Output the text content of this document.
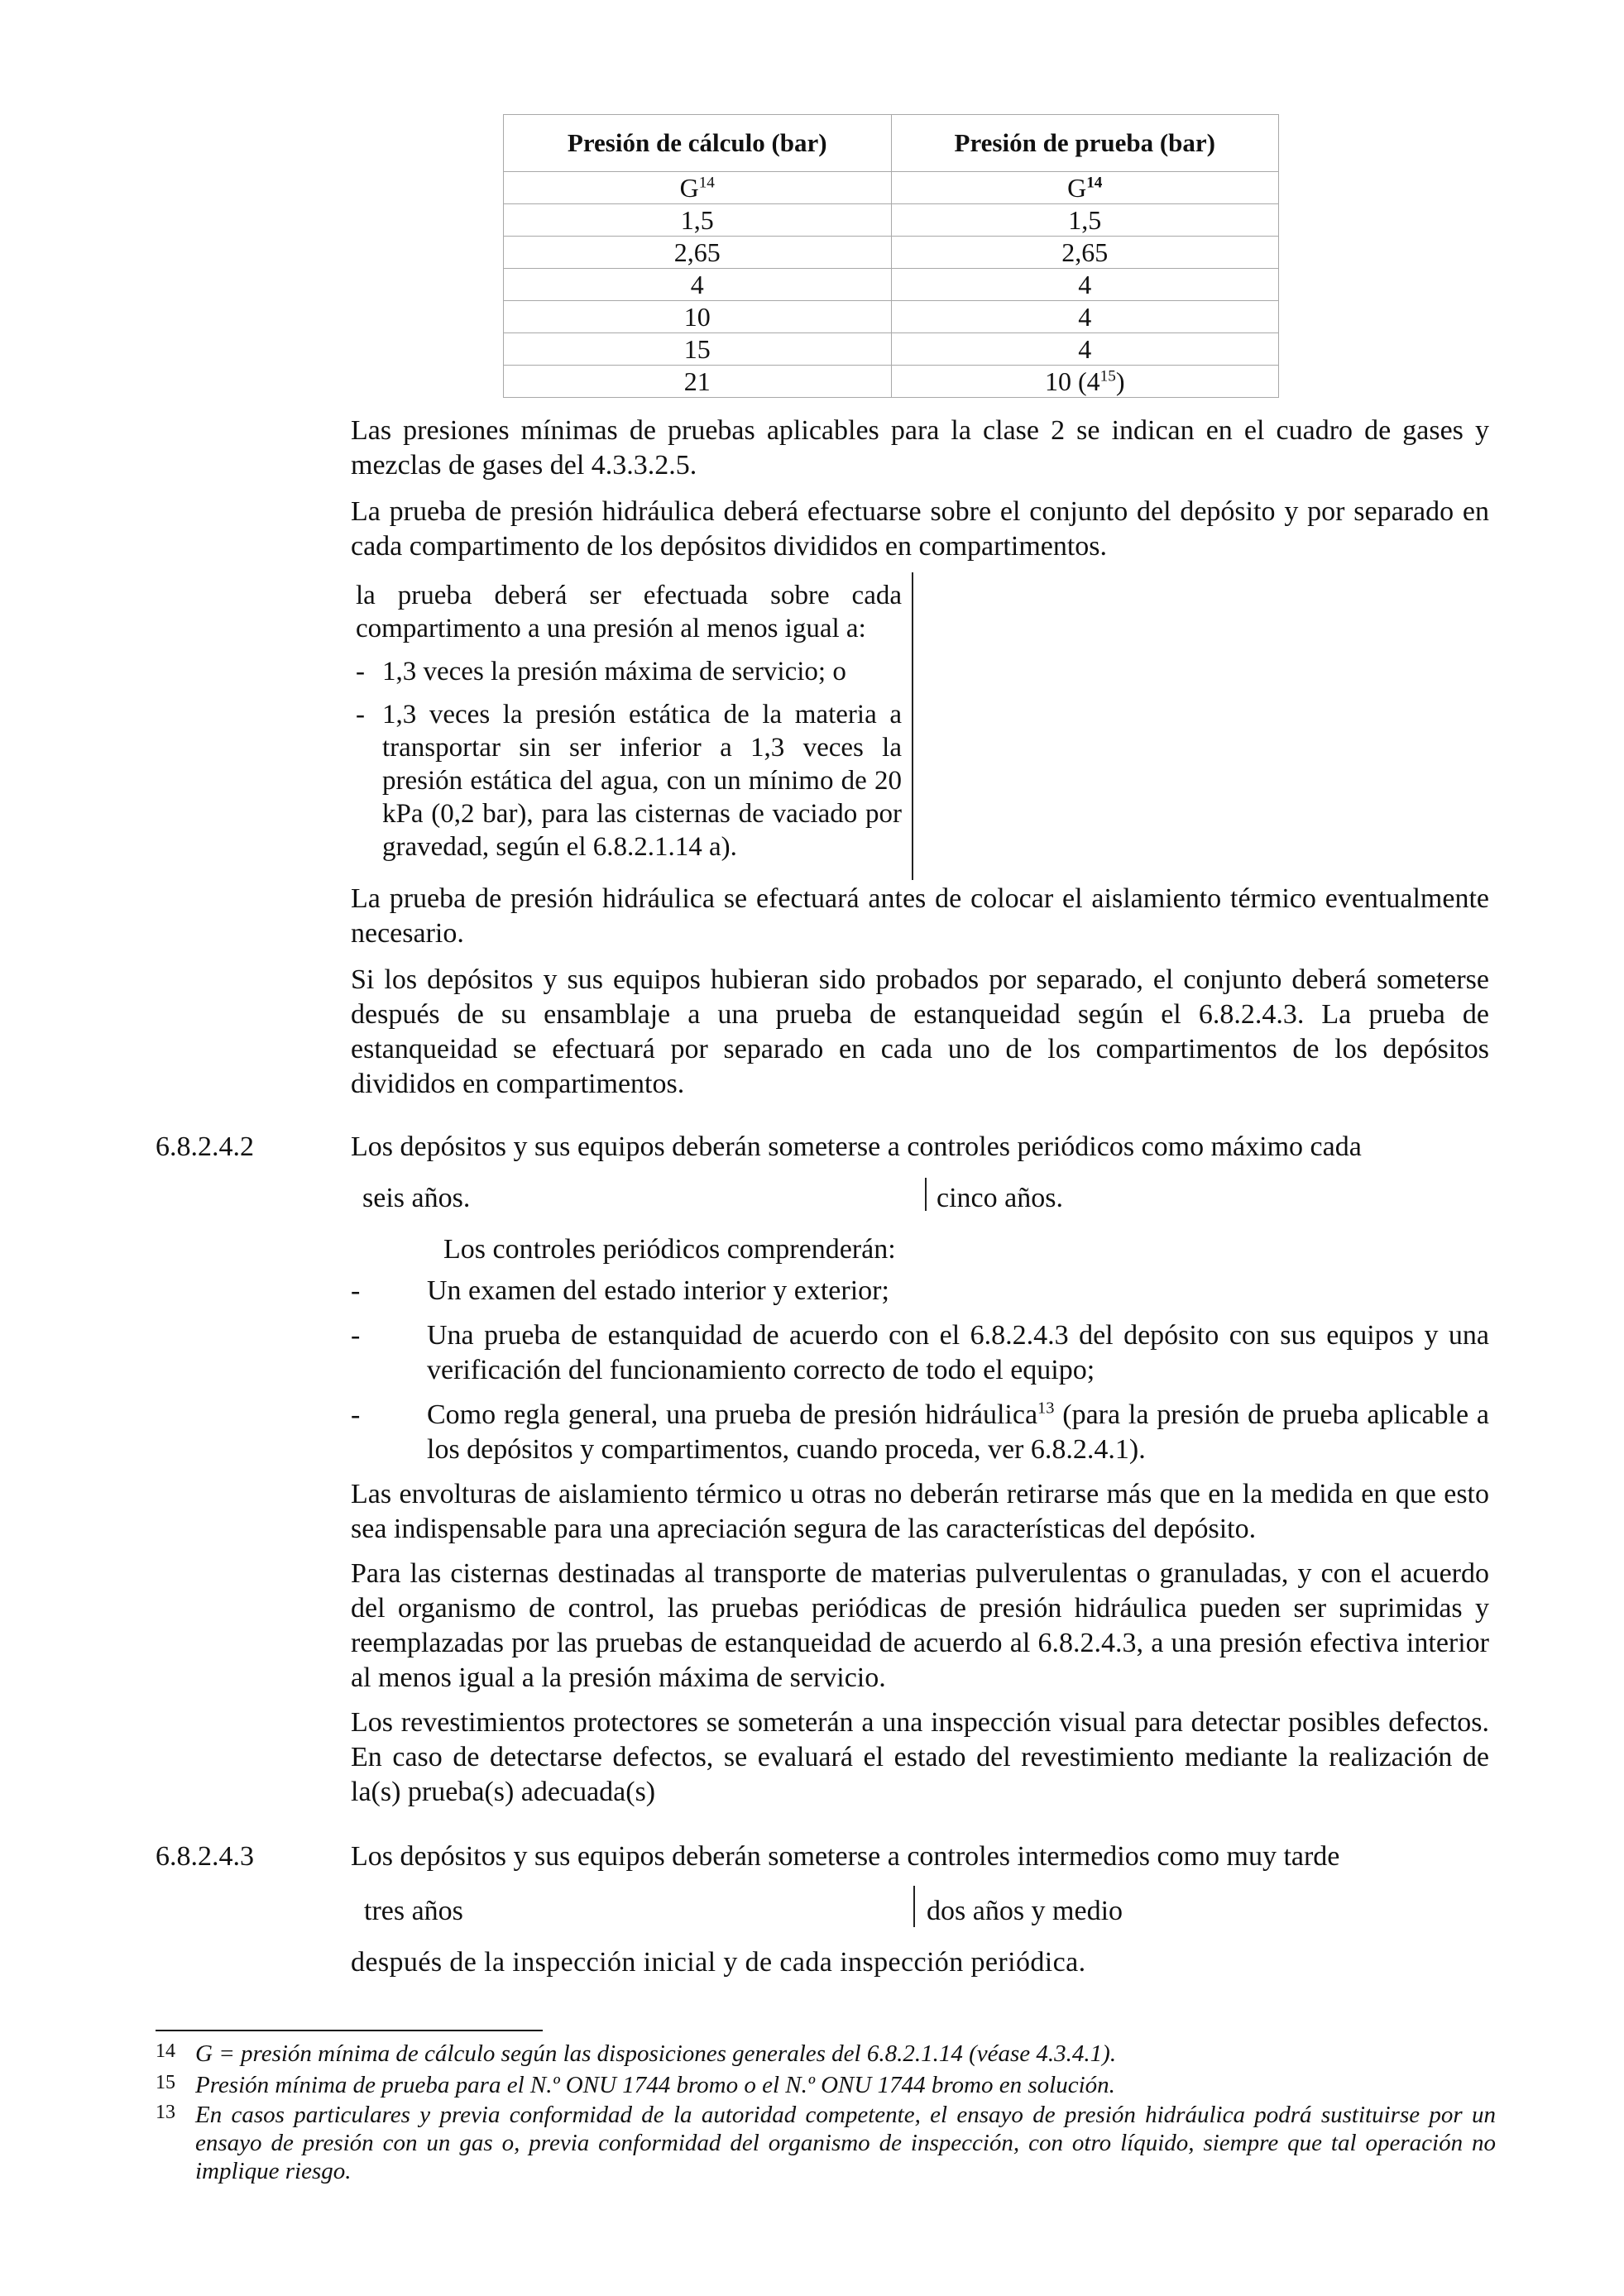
Presión de cálculo (bar)	Presión de prueba (bar)
$G^{14}$	$G^{14}$
1,5	1,5
2,65	2,65
4	4
10	4
15	4
21	10 $(4^{15})$

Las presiones mínimas de pruebas aplicables para la clase 2 se indican en el cuadro de gases y mezclas de gases del 4.3.3.2.5.

La prueba de presión hidráulica deberá efectuarse sobre el conjunto del depósito y por separado en cada compartimento de los depósitos divididos en compartimentos.

la prueba deberá ser efectuada sobre cada compartimento a una presión al menos igual a:

- 1,3 veces la presión máxima de servicio; o
- 1,3 veces la presión estática de la materia a transportar sin ser inferior a 1,3 veces la presión estática del agua, con un mínimo de 20 kPa (0,2 bar), para las cisternas de vaciado por gravedad, según el 6.8.2.1.14 a).

La prueba de presión hidráulica se efectuará antes de colocar el aislamiento térmico eventualmente necesario.

Si los depósitos y sus equipos hubieran sido probados por separado, el conjunto deberá someterse después de su ensamblaje a una prueba de estanqueidad según el 6.8.2.4.3. La prueba de estanqueidad se efectuará por separado en cada uno de los compartimentos de los depósitos divididos en compartimentos.

6.8.2.4.2	Los depósitos y sus equipos deberán someterse a controles periódicos como máximo cada
seis años.	cinco años.
Los controles periódicos comprenderán:
-	Un examen del estado interior y exterior;
-	Una prueba de estanquidad de acuerdo con el 6.8.2.4.3 del depósito con sus equipos y una verificación del funcionamiento correcto de todo el equipo;
-	Como regla general, una prueba de presión hidráulica$^{13}$ (para la presión de prueba aplicable a los depósitos y compartimentos, cuando proceda, ver 6.8.2.4.1).

Las envolturas de aislamiento térmico u otras no deberán retirarse más que en la medida en que esto sea indispensable para una apreciación segura de las características del depósito.

Para las cisternas destinadas al transporte de materias pulverulentas o granuladas, y con el acuerdo del organismo de control, las pruebas periódicas de presión hidráulica pueden ser suprimidas y reemplazadas por las pruebas de estanqueidad de acuerdo al 6.8.2.4.3, a una presión efectiva interior al menos igual a la presión máxima de servicio.

Los revestimientos protectores se someterán a una inspección visual para detectar posibles defectos. En caso de detectarse defectos, se evaluará el estado del revestimiento mediante la realización de la(s) prueba(s) adecuada(s)

6.8.2.4.3	Los depósitos y sus equipos deberán someterse a controles intermedios como muy tarde
tres años	dos años y medio
después de la inspección inicial y de cada inspección periódica.
14 G = presión mínima de cálculo según las disposiciones generales del 6.8.2.1.14 (véase 4.3.4.1).
15 Presión mínima de prueba para el N.º ONU 1744 bromo o el N.º ONU 1744 bromo en solución.
13 En casos particulares y previa conformidad de la autoridad competente, el ensayo de presión hidráulica podrá sustituirse por un ensayo de presión con un gas o, previa conformidad del organismo de inspección, con otro líquido, siempre que tal operación no implique riesgo.
